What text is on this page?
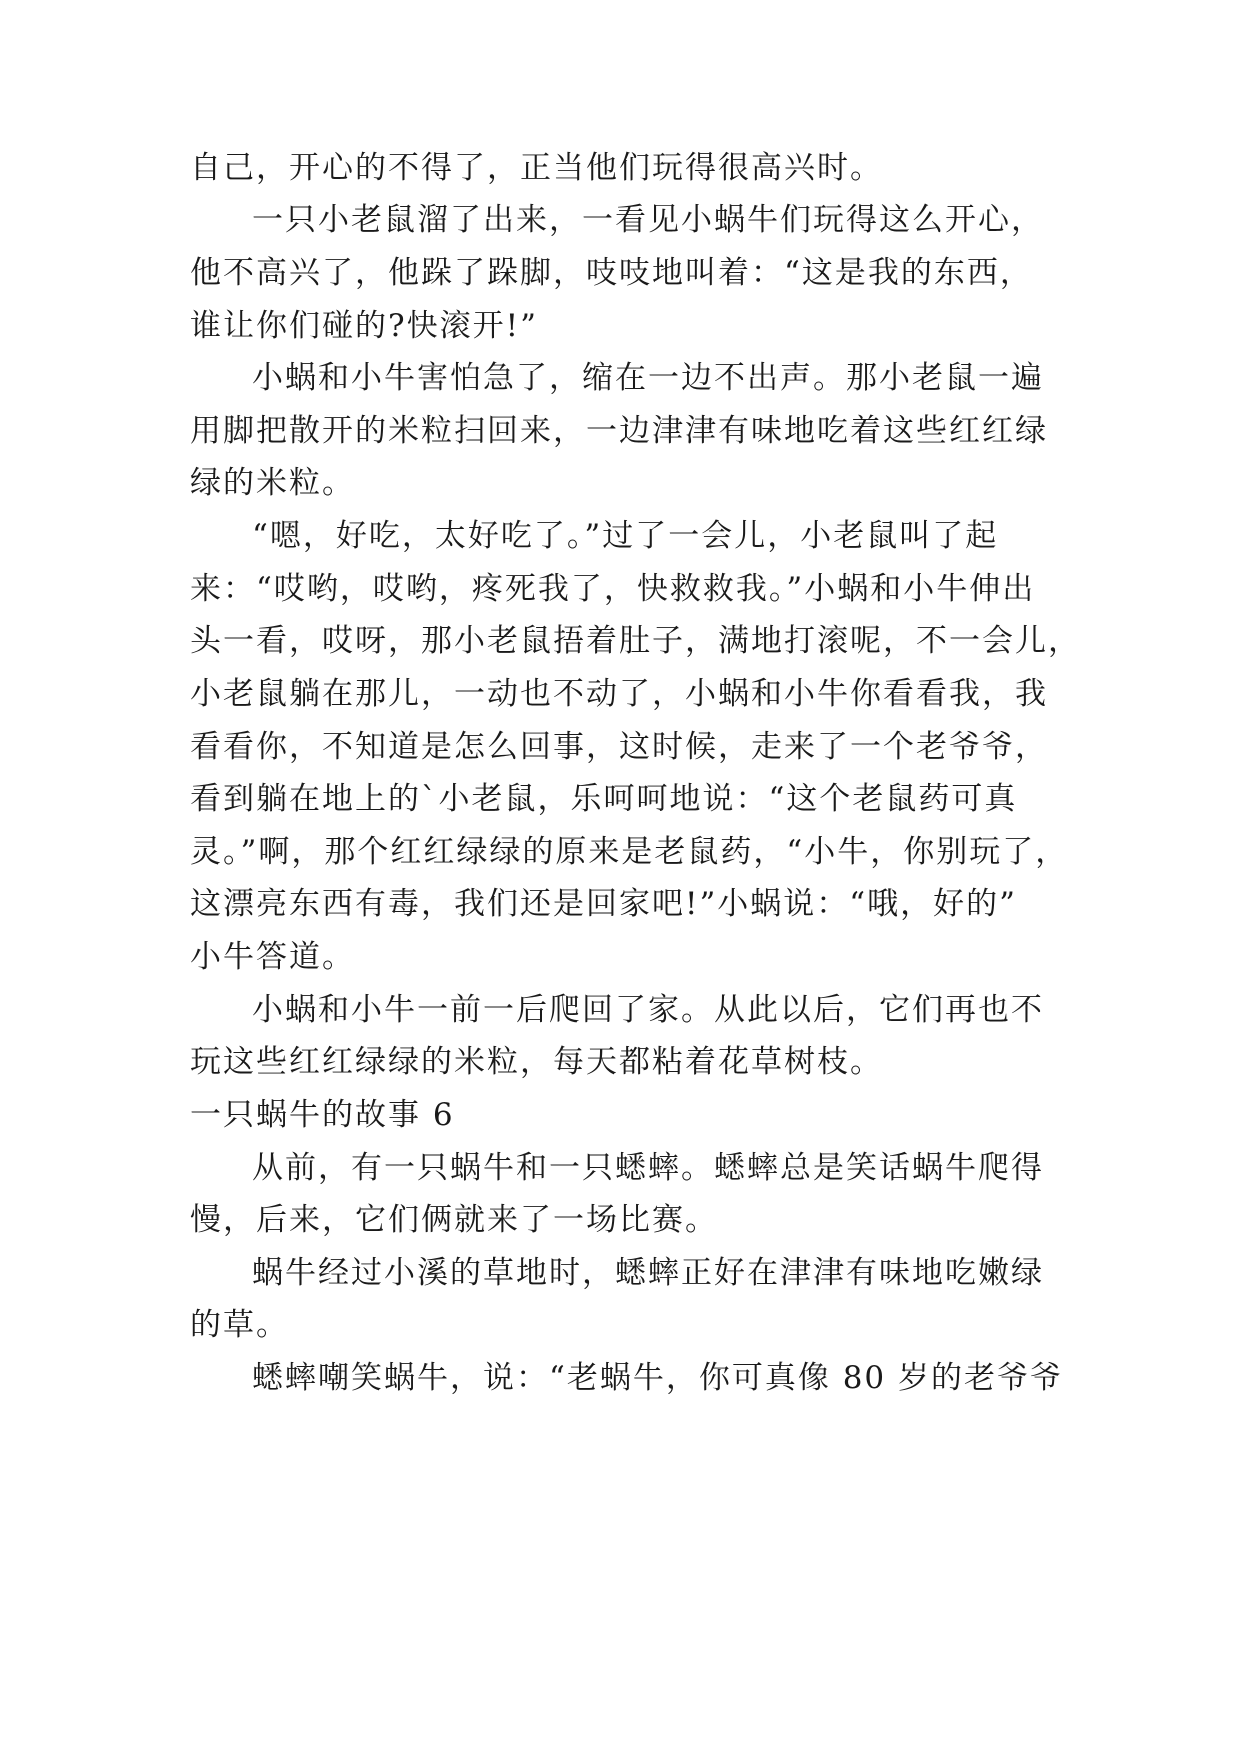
自己，开心的不得了，正当他们玩得很高兴时。
一只小老鼠溜了出来，一看见小蜗牛们玩得这么开心，
他不高兴了，他跺了跺脚，吱吱地叫着：“这是我的东西，
谁让你们碰的?快滚开!”
小蜗和小牛害怕急了，缩在一边不出声。那小老鼠一遍
用脚把散开的米粒扫回来，一边津津有味地吃着这些红红绿
绿的米粒。
“嗯，好吃，太好吃了。”过了一会儿，小老鼠叫了起
来：“哎哟，哎哟，疼死我了，快救救我。”小蜗和小牛伸出
头一看，哎呀，那小老鼠捂着肚子，满地打滚呢，不一会儿，
小老鼠躺在那儿，一动也不动了，小蜗和小牛你看看我，我
看看你，不知道是怎么回事，这时候，走来了一个老爷爷，
看到躺在地上的`小老鼠，乐呵呵地说：“这个老鼠药可真
灵。”啊，那个红红绿绿的原来是老鼠药，“小牛，你别玩了，
这漂亮东西有毒，我们还是回家吧!”小蜗说：“哦，好的”
小牛答道。
小蜗和小牛一前一后爬回了家。从此以后，它们再也不
玩这些红红绿绿的米粒，每天都粘着花草树枝。
一只蜗牛的故事 6
从前，有一只蜗牛和一只蟋蟀。蟋蟀总是笑话蜗牛爬得
慢，后来，它们俩就来了一场比赛。
蜗牛经过小溪的草地时，蟋蟀正好在津津有味地吃嫩绿
的草。
蟋蟀嘲笑蜗牛，说：“老蜗牛，你可真像 80 岁的老爷爷
